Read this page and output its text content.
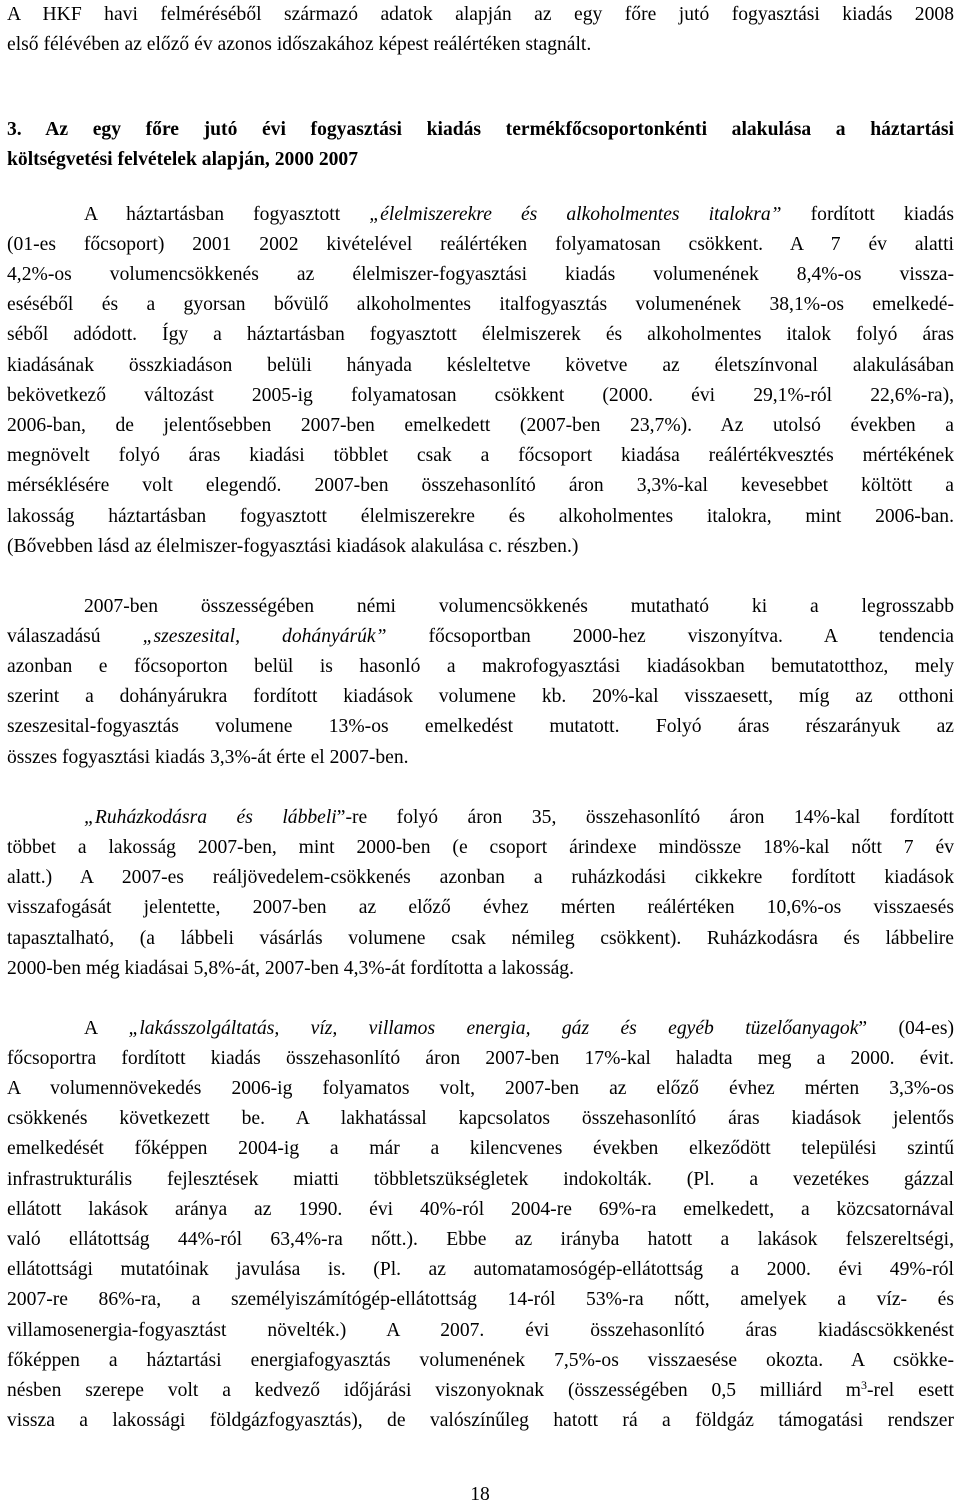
A HKF havi felméréséből származó adatok alapján az egy főre jutó fogyasztási kiadás 2008
első félévében az előző év azonos időszakához képest reálértéken stagnált.
3. Az egy főre jutó évi fogyasztási kiadás termékfőcsoportonkénti alakulása a háztartási
költségvetési felvételek alapján, 2000 2007
A háztartásban fogyasztott „élelmiszerekre és alkoholmentes italokra” fordított kiadás
(01-es főcsoport) 2001 2002 kivételével reálértéken folyamatosan csökkent. A 7 év alatti
4,2%-os volumencsökkenés az élelmiszer-fogyasztási kiadás volumenének 8,4%-os vissza-
eséséből és a gyorsan bővülő alkoholmentes italfogyasztás volumenének 38,1%-os emelkedé-
séből adódott. Így a háztartásban fogyasztott élelmiszerek és alkoholmentes italok folyó áras
kiadásának összkiadáson belüli hányada késleltetve követve az életszínvonal alakulásában
bekövetkező változást 2005-ig folyamatosan csökkent (2000. évi 29,1%-ról 22,6%-ra),
2006-ban, de jelentősebben 2007-ben emelkedett (2007-ben 23,7%). Az utolsó években a
megnövelt folyó áras kiadási többlet csak a főcsoport kiadása reálértékvesztés mértékének
mérséklésére volt elegendő. 2007-ben összehasonlító áron 3,3%-kal kevesebbet költött a
lakosság háztartásban fogyasztott élelmiszerekre és alkoholmentes italokra, mint 2006-ban.
(Bővebben lásd az élelmiszer-fogyasztási kiadások alakulása c. részben.)
2007-ben összességében némi volumencsökkenés mutatható ki a legrosszabb
válaszadású „szeszesital, dohányárúk” főcsoportban 2000-hez viszonyítva. A tendencia
azonban e főcsoporton belül is hasonló a makrofogyasztási kiadásokban bemutatotthoz, mely
szerint a dohányárukra fordított kiadások volumene kb. 20%-kal visszaesett, míg az otthoni
szeszesital-fogyasztás volumene 13%-os emelkedést mutatott. Folyó áras részarányuk az
összes fogyasztási kiadás 3,3%-át érte el 2007-ben.
„Ruházkodásra és lábbeli”-re folyó áron 35, összehasonlító áron 14%-kal fordított
többet a lakosság 2007-ben, mint 2000-ben (e csoport árindexe mindössze 18%-kal nőtt 7 év
alatt.) A 2007-es reáljövedelem-csökkenés azonban a ruházkodási cikkekre fordított kiadások
visszafogását jelentette, 2007-ben az előző évhez mérten reálértéken 10,6%-os visszaesés
tapasztalható, (a lábbeli vásárlás volumene csak némileg csökkent). Ruházkodásra és lábbelire
2000-ben még kiadásai 5,8%-át, 2007-ben 4,3%-át fordította a lakosság.
A „lakásszolgáltatás, víz, villamos energia, gáz és egyéb tüzelőanyagok” (04-es)
főcsoportra fordított kiadás összehasonlító áron 2007-ben 17%-kal haladta meg a 2000. évit.
A volumennövekedés 2006-ig folyamatos volt, 2007-ben az előző évhez mérten 3,3%-os
csökkenés következett be. A lakhatással kapcsolatos összehasonlító áras kiadások jelentős
emelkedését főképpen 2004-ig a már a kilencvenes években elkeződött települési szintű
infrastrukturális fejlesztések miatti többletszükségletek indokolták. (Pl. a vezetékes gázzal
ellátott lakások aránya az 1990. évi 40%-ról 2004-re 69%-ra emelkedett, a közcsatornával
való ellátottság 44%-ról 63,4%-ra nőtt.). Ebbe az irányba hatott a lakások felszereltségi,
ellátottsági mutatóinak javulása is. (Pl. az automatamosógép-ellátottság a 2000. évi 49%-ról
2007-re 86%-ra, a személyiszámítógép-ellátottság 14-ról 53%-ra nőtt, amelyek a víz- és
villamosenergia-fogyasztást növelték.) A 2007. évi összehasonlító áras kiadáscsökkenést
főképpen a háztartási energiafogyasztás volumenének 7,5%-os visszaesése okozta. A csökke-
nésben szerepe volt a kedvező időjárási viszonyoknak (összességében 0,5 milliárd $m^3$-rel esett
vissza a lakossági földgázfogyasztás), de valószínűleg hatott rá a földgáz támogatási rendszer
18
